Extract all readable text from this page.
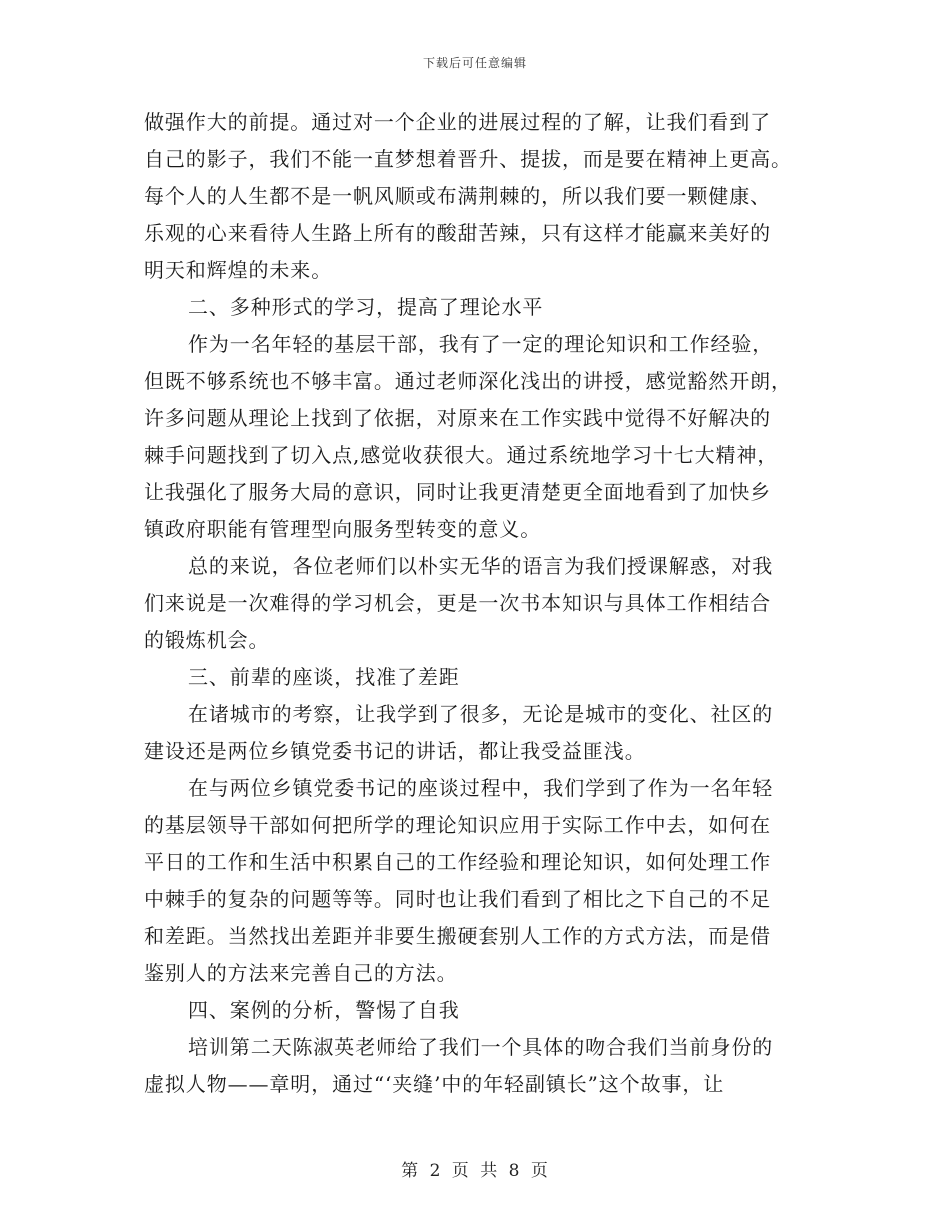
下载后可任意编辑
做强作大的前提。通过对一个企业的进展过程的了解，让我们看到了
自己的影子，我们不能一直梦想着晋升、提拔，而是要在精神上更高。
每个人的人生都不是一帆风顺或布满荆棘的，所以我们要一颗健康、
乐观的心来看待人生路上所有的酸甜苦辣，只有这样才能赢来美好的
明天和辉煌的未来。
二、多种形式的学习，提高了理论水平
作为一名年轻的基层干部，我有了一定的理论知识和工作经验，
但既不够系统也不够丰富。通过老师深化浅出的讲授，感觉豁然开朗，
许多问题从理论上找到了依据，对原来在工作实践中觉得不好解决的
棘手问题找到了切入点,感觉收获很大。通过系统地学习十七大精神，
让我强化了服务大局的意识，同时让我更清楚更全面地看到了加快乡
镇政府职能有管理型向服务型转变的意义。
总的来说，各位老师们以朴实无华的语言为我们授课解惑，对我
们来说是一次难得的学习机会，更是一次书本知识与具体工作相结合
的锻炼机会。
三、前辈的座谈，找准了差距
在诸城市的考察，让我学到了很多，无论是城市的变化、社区的
建设还是两位乡镇党委书记的讲话，都让我受益匪浅。
在与两位乡镇党委书记的座谈过程中，我们学到了作为一名年轻
的基层领导干部如何把所学的理论知识应用于实际工作中去，如何在
平日的工作和生活中积累自己的工作经验和理论知识，如何处理工作
中棘手的复杂的问题等等。同时也让我们看到了相比之下自己的不足
和差距。当然找出差距并非要生搬硬套别人工作的方式方法，而是借
鉴别人的方法来完善自己的方法。
四、案例的分析，警惕了自我
培训第二天陈淑英老师给了我们一个具体的吻合我们当前身份的
虚拟人物——章明，通过“‘夹缝’中的年轻副镇长”这个故事，让
第 2 页 共 8 页
